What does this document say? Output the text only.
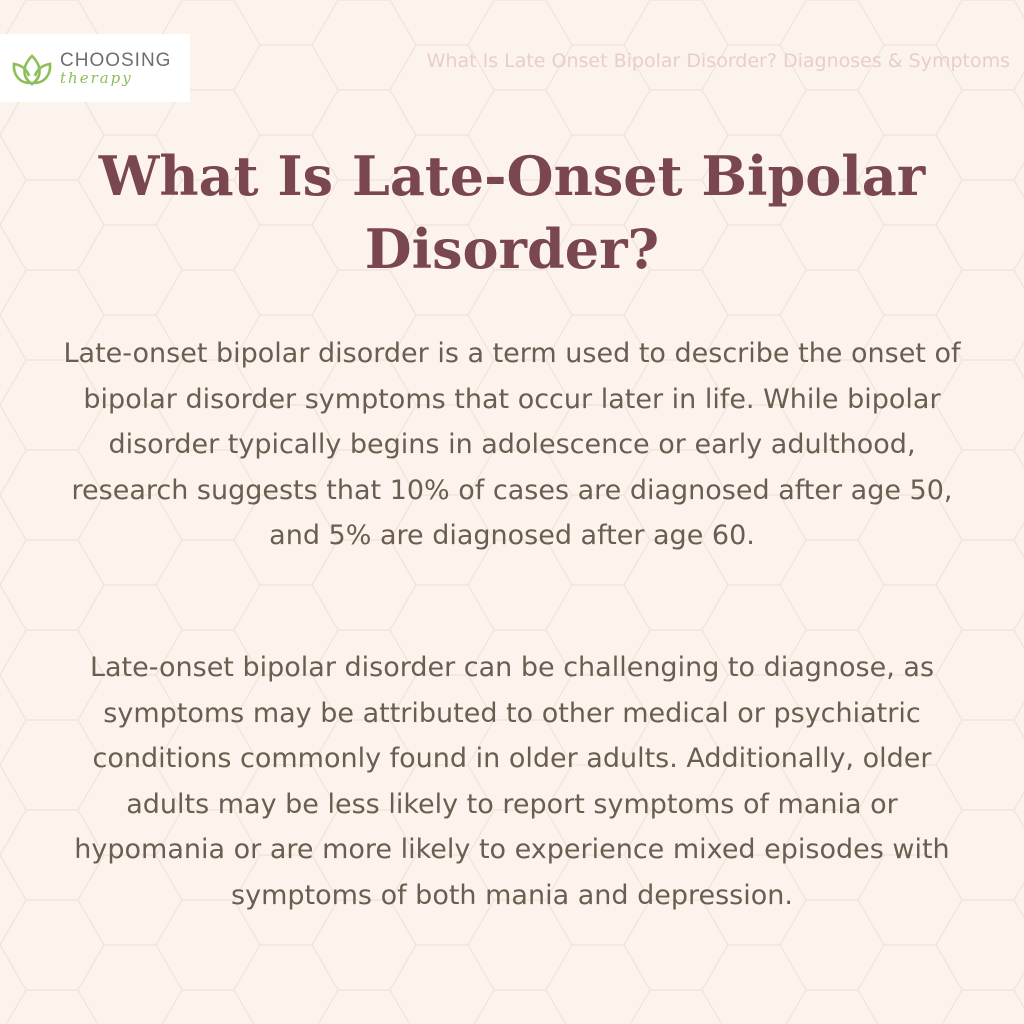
CHOOSING
therapy
What Is Late Onset Bipolar Disorder? Diagnoses & Symptoms
What Is Late-Onset Bipolar Disorder?

Late-onset bipolar disorder is a term used to describe the onset of bipolar disorder symptoms that occur later in life. While bipolar disorder typically begins in adolescence or early adulthood, research suggests that 10% of cases are diagnosed after age 50, and 5% are diagnosed after age 60.

Late-onset bipolar disorder can be challenging to diagnose, as symptoms may be attributed to other medical or psychiatric conditions commonly found in older adults. Additionally, older adults may be less likely to report symptoms of mania or hypomania or are more likely to experience mixed episodes with symptoms of both mania and depression.
